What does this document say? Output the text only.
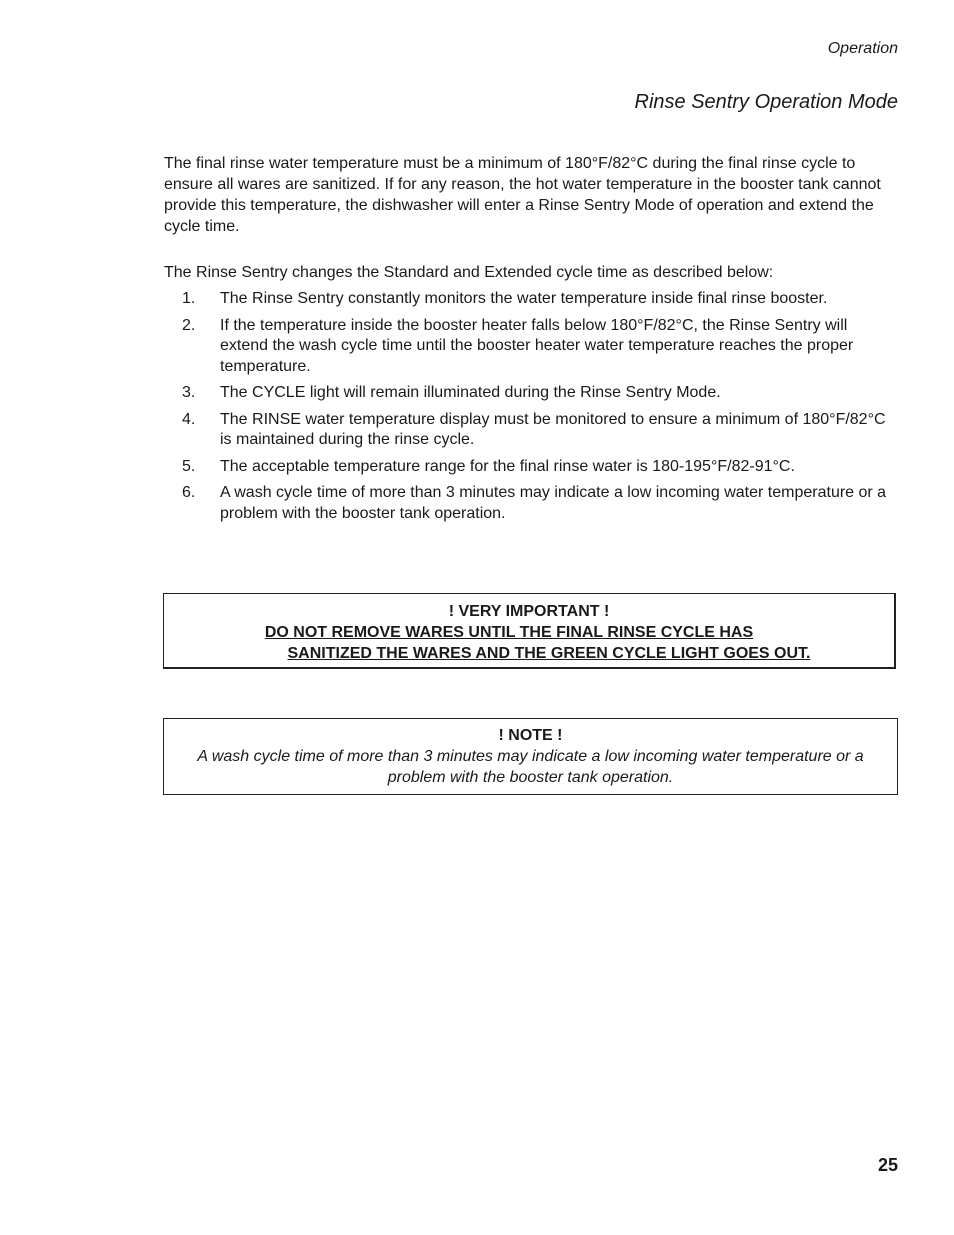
Operation
Rinse Sentry Operation Mode

The final rinse water temperature must be a minimum of 180°F/82°C during the final rinse cycle to ensure all wares are sanitized. If for any reason, the hot water temperature in the booster tank cannot provide this temperature, the dishwasher will enter a Rinse Sentry Mode of operation and extend the cycle time.

The Rinse Sentry changes the Standard and Extended cycle time as described below:

1. The Rinse Sentry constantly monitors the water temperature inside final rinse booster.
2. If the temperature inside the booster heater falls below 180°F/82°C, the Rinse Sentry will extend the wash cycle time until the booster heater water temperature reaches the proper temperature.
3. The CYCLE light will remain illuminated during the Rinse Sentry Mode.
4. The RINSE water temperature display must be monitored to ensure a minimum of 180°F/82°C is maintained during the rinse cycle.
5. The acceptable temperature range for the final rinse water is 180-195°F/82-91°C.
6. A wash cycle time of more than 3 minutes may indicate a low incoming water temperature or a problem with the booster tank operation.
! VERY IMPORTANT !
DO NOT REMOVE WARES UNTIL THE FINAL RINSE CYCLE HAS
SANITIZED THE WARES AND THE GREEN CYCLE LIGHT GOES OUT.
! NOTE !
A wash cycle time of more than 3 minutes may indicate a low incoming water temperature or a problem with the booster tank operation.
25
